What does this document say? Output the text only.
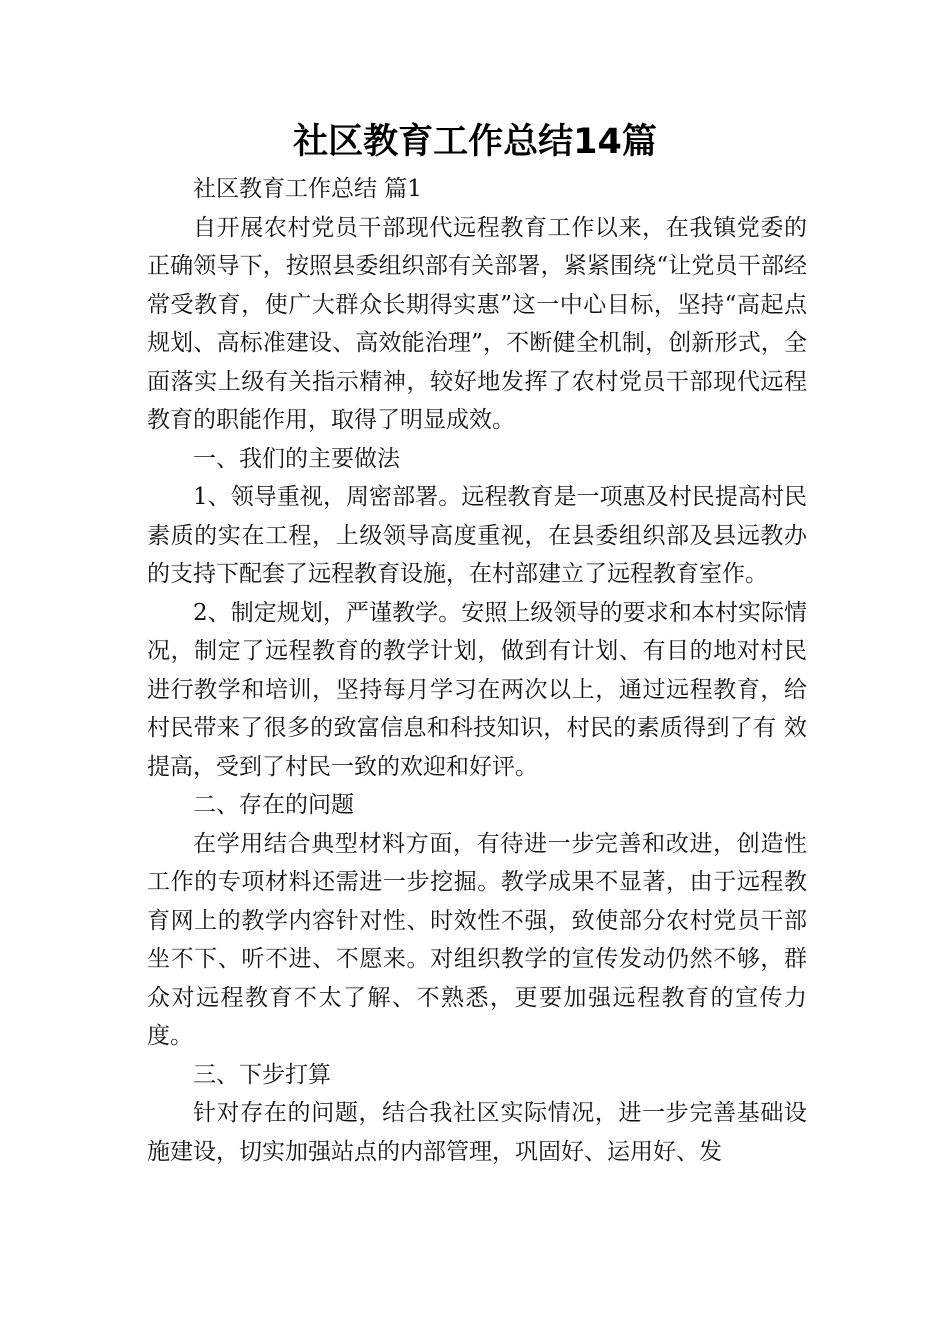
社区教育工作总结14篇

社区教育工作总结 篇1

自开展农村党员干部现代远程教育工作以来，在我镇党委的正确领导下，按照县委组织部有关部署，紧紧围绕“让党员干部经常受教育，使广大群众长期得实惠”这一中心目标，坚持“高起点规划、高标准建设、高效能治理”，不断健全机制，创新形式，全面落实上级有关指示精神，较好地发挥了农村党员干部现代远程教育的职能作用，取得了明显成效。

一、我们的主要做法

1、领导重视，周密部署。远程教育是一项惠及村民提高村民素质的实在工程，上级领导高度重视，在县委组织部及县远教办的支持下配套了远程教育设施，在村部建立了远程教育室作。

2、制定规划，严谨教学。安照上级领导的要求和本村实际情况，制定了远程教育的教学计划，做到有计划、有目的地对村民进行教学和培训，坚持每月学习在两次以上，通过远程教育，给村民带来了很多的致富信息和科技知识，村民的素质得到了有 效提高，受到了村民一致的欢迎和好评。

二、存在的问题

在学用结合典型材料方面，有待进一步完善和改进，创造性工作的专项材料还需进一步挖掘。教学成果不显著，由于远程教育网上的教学内容针对性、时效性不强，致使部分农村党员干部坐不下、听不进、不愿来。对组织教学的宣传发动仍然不够，群众对远程教育不太了解、不熟悉，更要加强远程教育的宣传力度。

三、下步打算

针对存在的问题，结合我社区实际情况，进一步完善基础设施建设，切实加强站点的内部管理，巩固好、运用好、发
